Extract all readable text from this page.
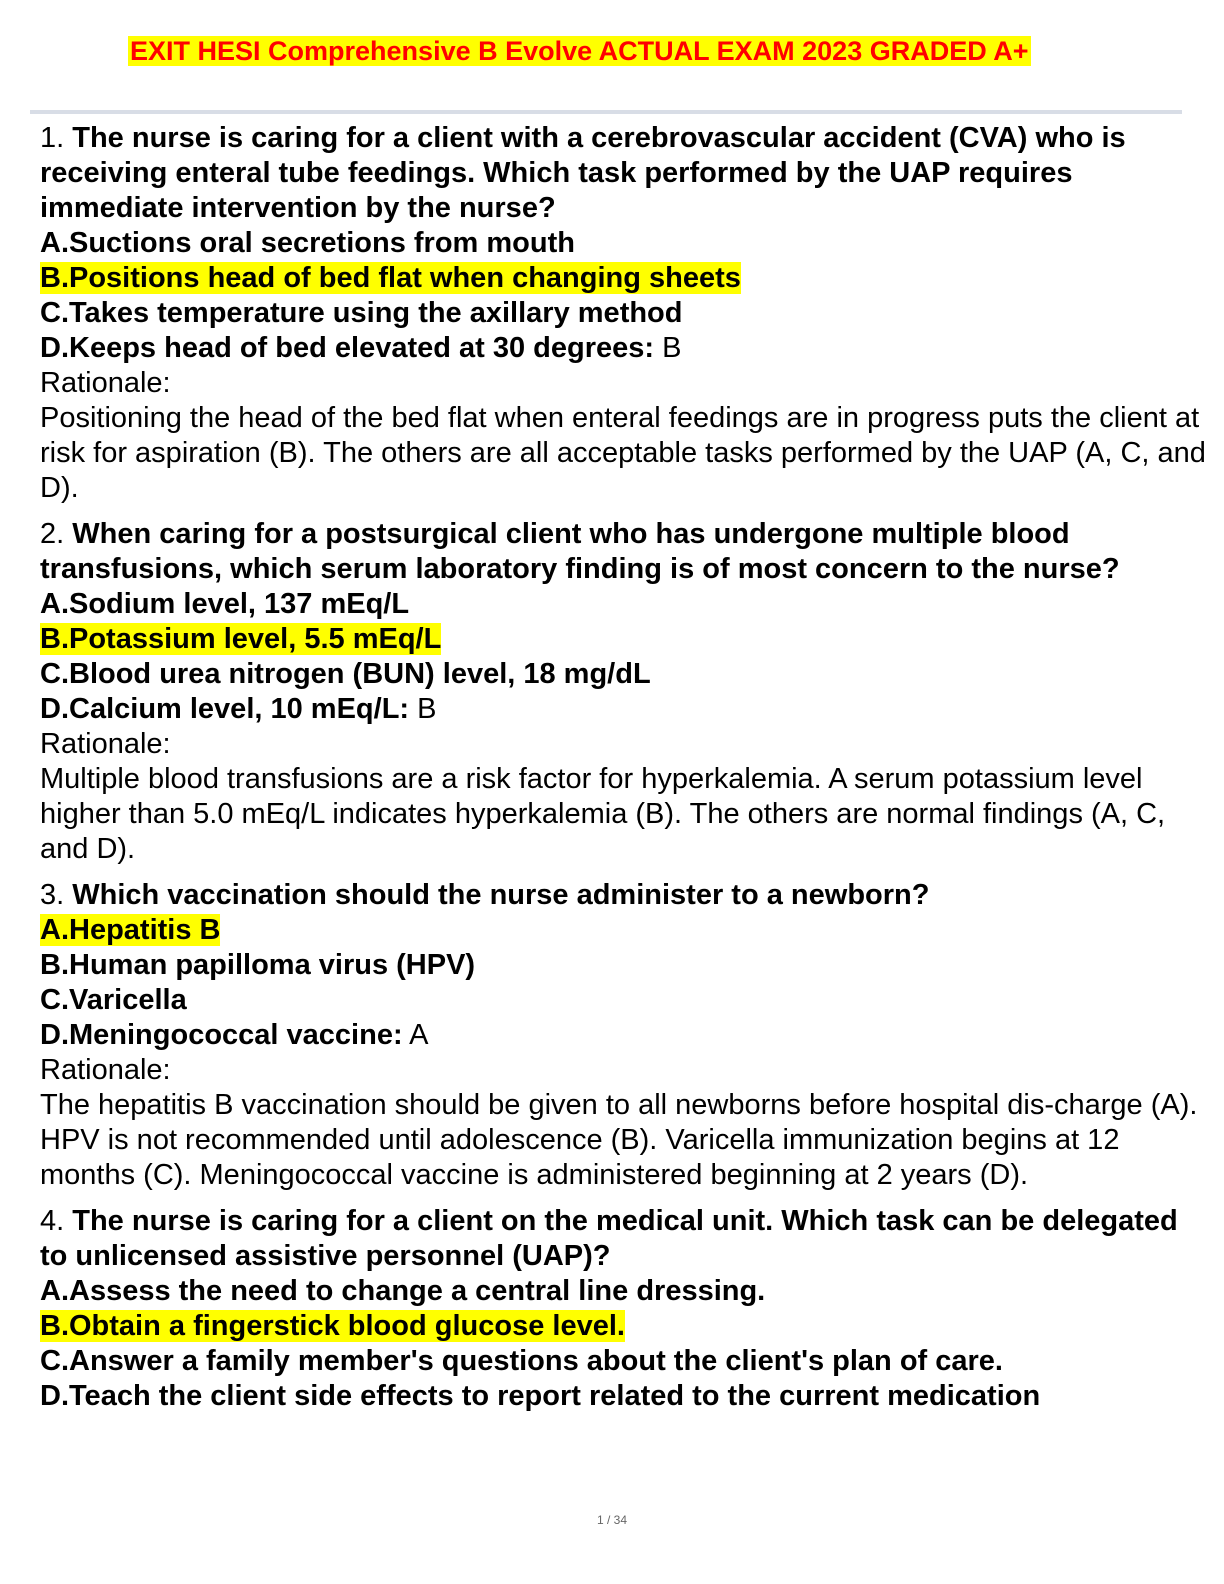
EXIT HESI Comprehensive B Evolve ACTUAL EXAM 2023 GRADED A+

1. The nurse is caring for a client with a cerebrovascular accident (CVA) who is receiving enteral tube feedings. Which task performed by the UAP requires immediate intervention by the nurse?

A.Suctions oral secretions from mouth

B.Positions head of bed flat when changing sheets

C.Takes temperature using the axillary method

D.Keeps head of bed elevated at 30 degrees: B

Rationale:

Positioning the head of the bed flat when enteral feedings are in progress puts the client at risk for aspiration (B). The others are all acceptable tasks performed by the UAP (A, C, and D).

2. When caring for a postsurgical client who has undergone multiple blood transfusions, which serum laboratory finding is of most concern to the nurse?

A.Sodium level, 137 mEq/L

B.Potassium level, 5.5 mEq/L

C.Blood urea nitrogen (BUN) level, 18 mg/dL

D.Calcium level, 10 mEq/L: B

Rationale:

Multiple blood transfusions are a risk factor for hyperkalemia. A serum potassium level higher than 5.0 mEq/L indicates hyperkalemia (B). The others are normal findings (A, C, and D).

3. Which vaccination should the nurse administer to a newborn?

A.Hepatitis B

B.Human papilloma virus (HPV)

C.Varicella

D.Meningococcal vaccine: A

Rationale:

The hepatitis B vaccination should be given to all newborns before hospital dis-charge (A). HPV is not recommended until adolescence (B). Varicella immunization begins at 12 months (C). Meningococcal vaccine is administered beginning at 2 years (D).

4. The nurse is caring for a client on the medical unit. Which task can be delegated to unlicensed assistive personnel (UAP)?

A.Assess the need to change a central line dressing.

B.Obtain a fingerstick blood glucose level.

C.Answer a family member's questions about the client's plan of care.

D.Teach the client side effects to report related to the current medication

1 / 34
